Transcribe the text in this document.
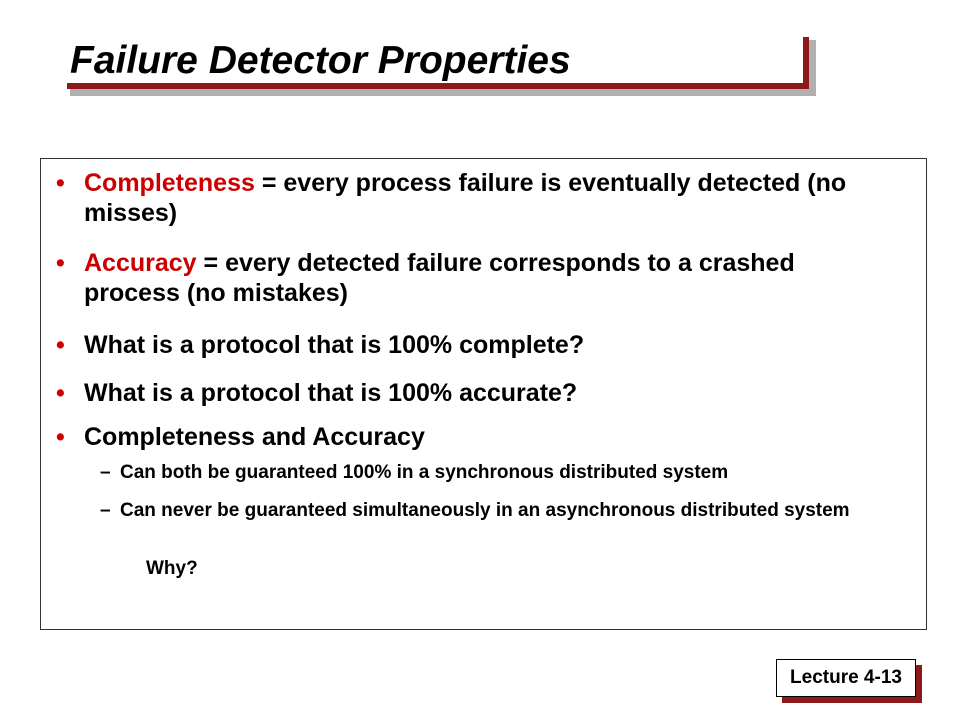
Failure Detector Properties
• Completeness = every process failure is eventually detected (no misses)
• Accuracy = every detected failure corresponds to a crashed process (no mistakes)
• What is a protocol that is 100% complete?
• What is a protocol that is 100% accurate?
• Completeness and Accuracy
– Can both be guaranteed 100% in a synchronous distributed system
– Can never be guaranteed simultaneously in an asynchronous distributed system
Why?
Lecture 4-13
